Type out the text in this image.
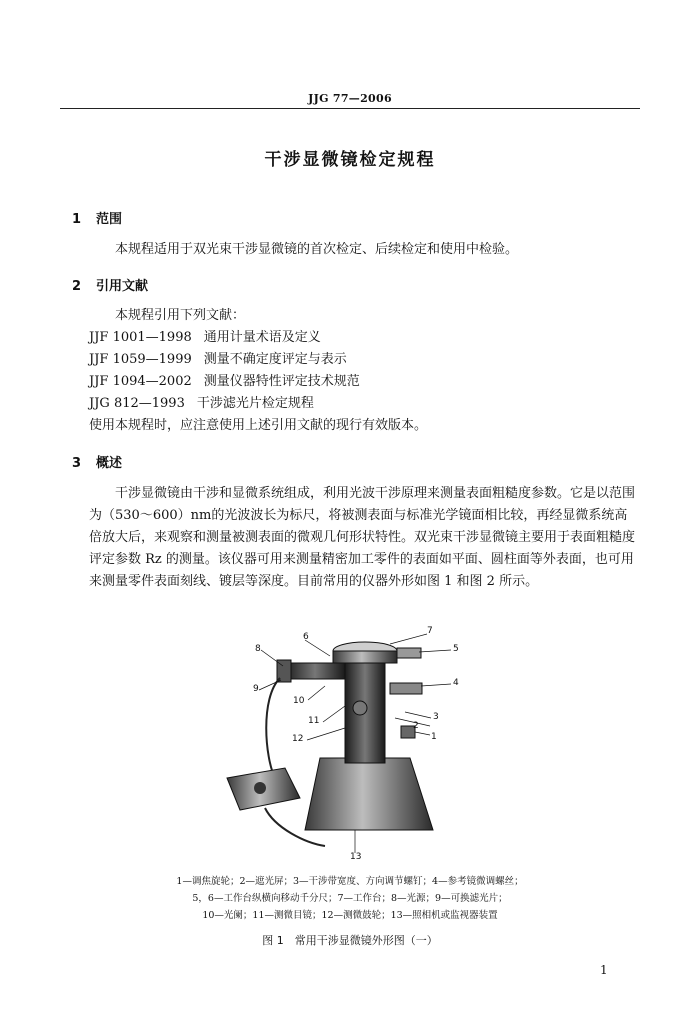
JJG 77—2006
干涉显微镜检定规程
1 范围
本规程适用于双光束干涉显微镜的首次检定、后续检定和使用中检验。
2 引用文献
本规程引用下列文献：
JJF 1001—1998 通用计量术语及定义
JJF 1059—1999 测量不确定度评定与表示
JJF 1094—2002 测量仪器特性评定技术规范
JJG 812—1993 干涉滤光片检定规程
使用本规程时，应注意使用上述引用文献的现行有效版本。
3 概述
干涉显微镜由干涉和显微系统组成，利用光波干涉原理来测量表面粗糙度参数。它是以范围为（530～600）nm的光波波长为标尺，将被测表面与标准光学镜面相比较，再经显微系统高倍放大后，来观察和测量被测表面的微观几何形状特性。双光束干涉显微镜主要用于表面粗糙度评定参数 Rz 的测量。该仪器可用来测量精密加工零件的表面如平面、圆柱面等外表面，也可用来测量零件表面刻线、镀层等深度。目前常用的仪器外形如图 1 和图 2 所示。
1
2
3
4
5
6
7
8
9
10
11
12
13
1—调焦旋轮；2—遮光屏；3—干涉带宽度、方向调节螺钉；4—参考镜微调螺丝；
5，6—工作台纵横向移动千分尺；7—工作台；8—光源；9—可换滤光片；
10—光阑；11—测微目镜；12—测微鼓轮；13—照相机或监视器装置
图 1　常用干涉显微镜外形图（一）
1
